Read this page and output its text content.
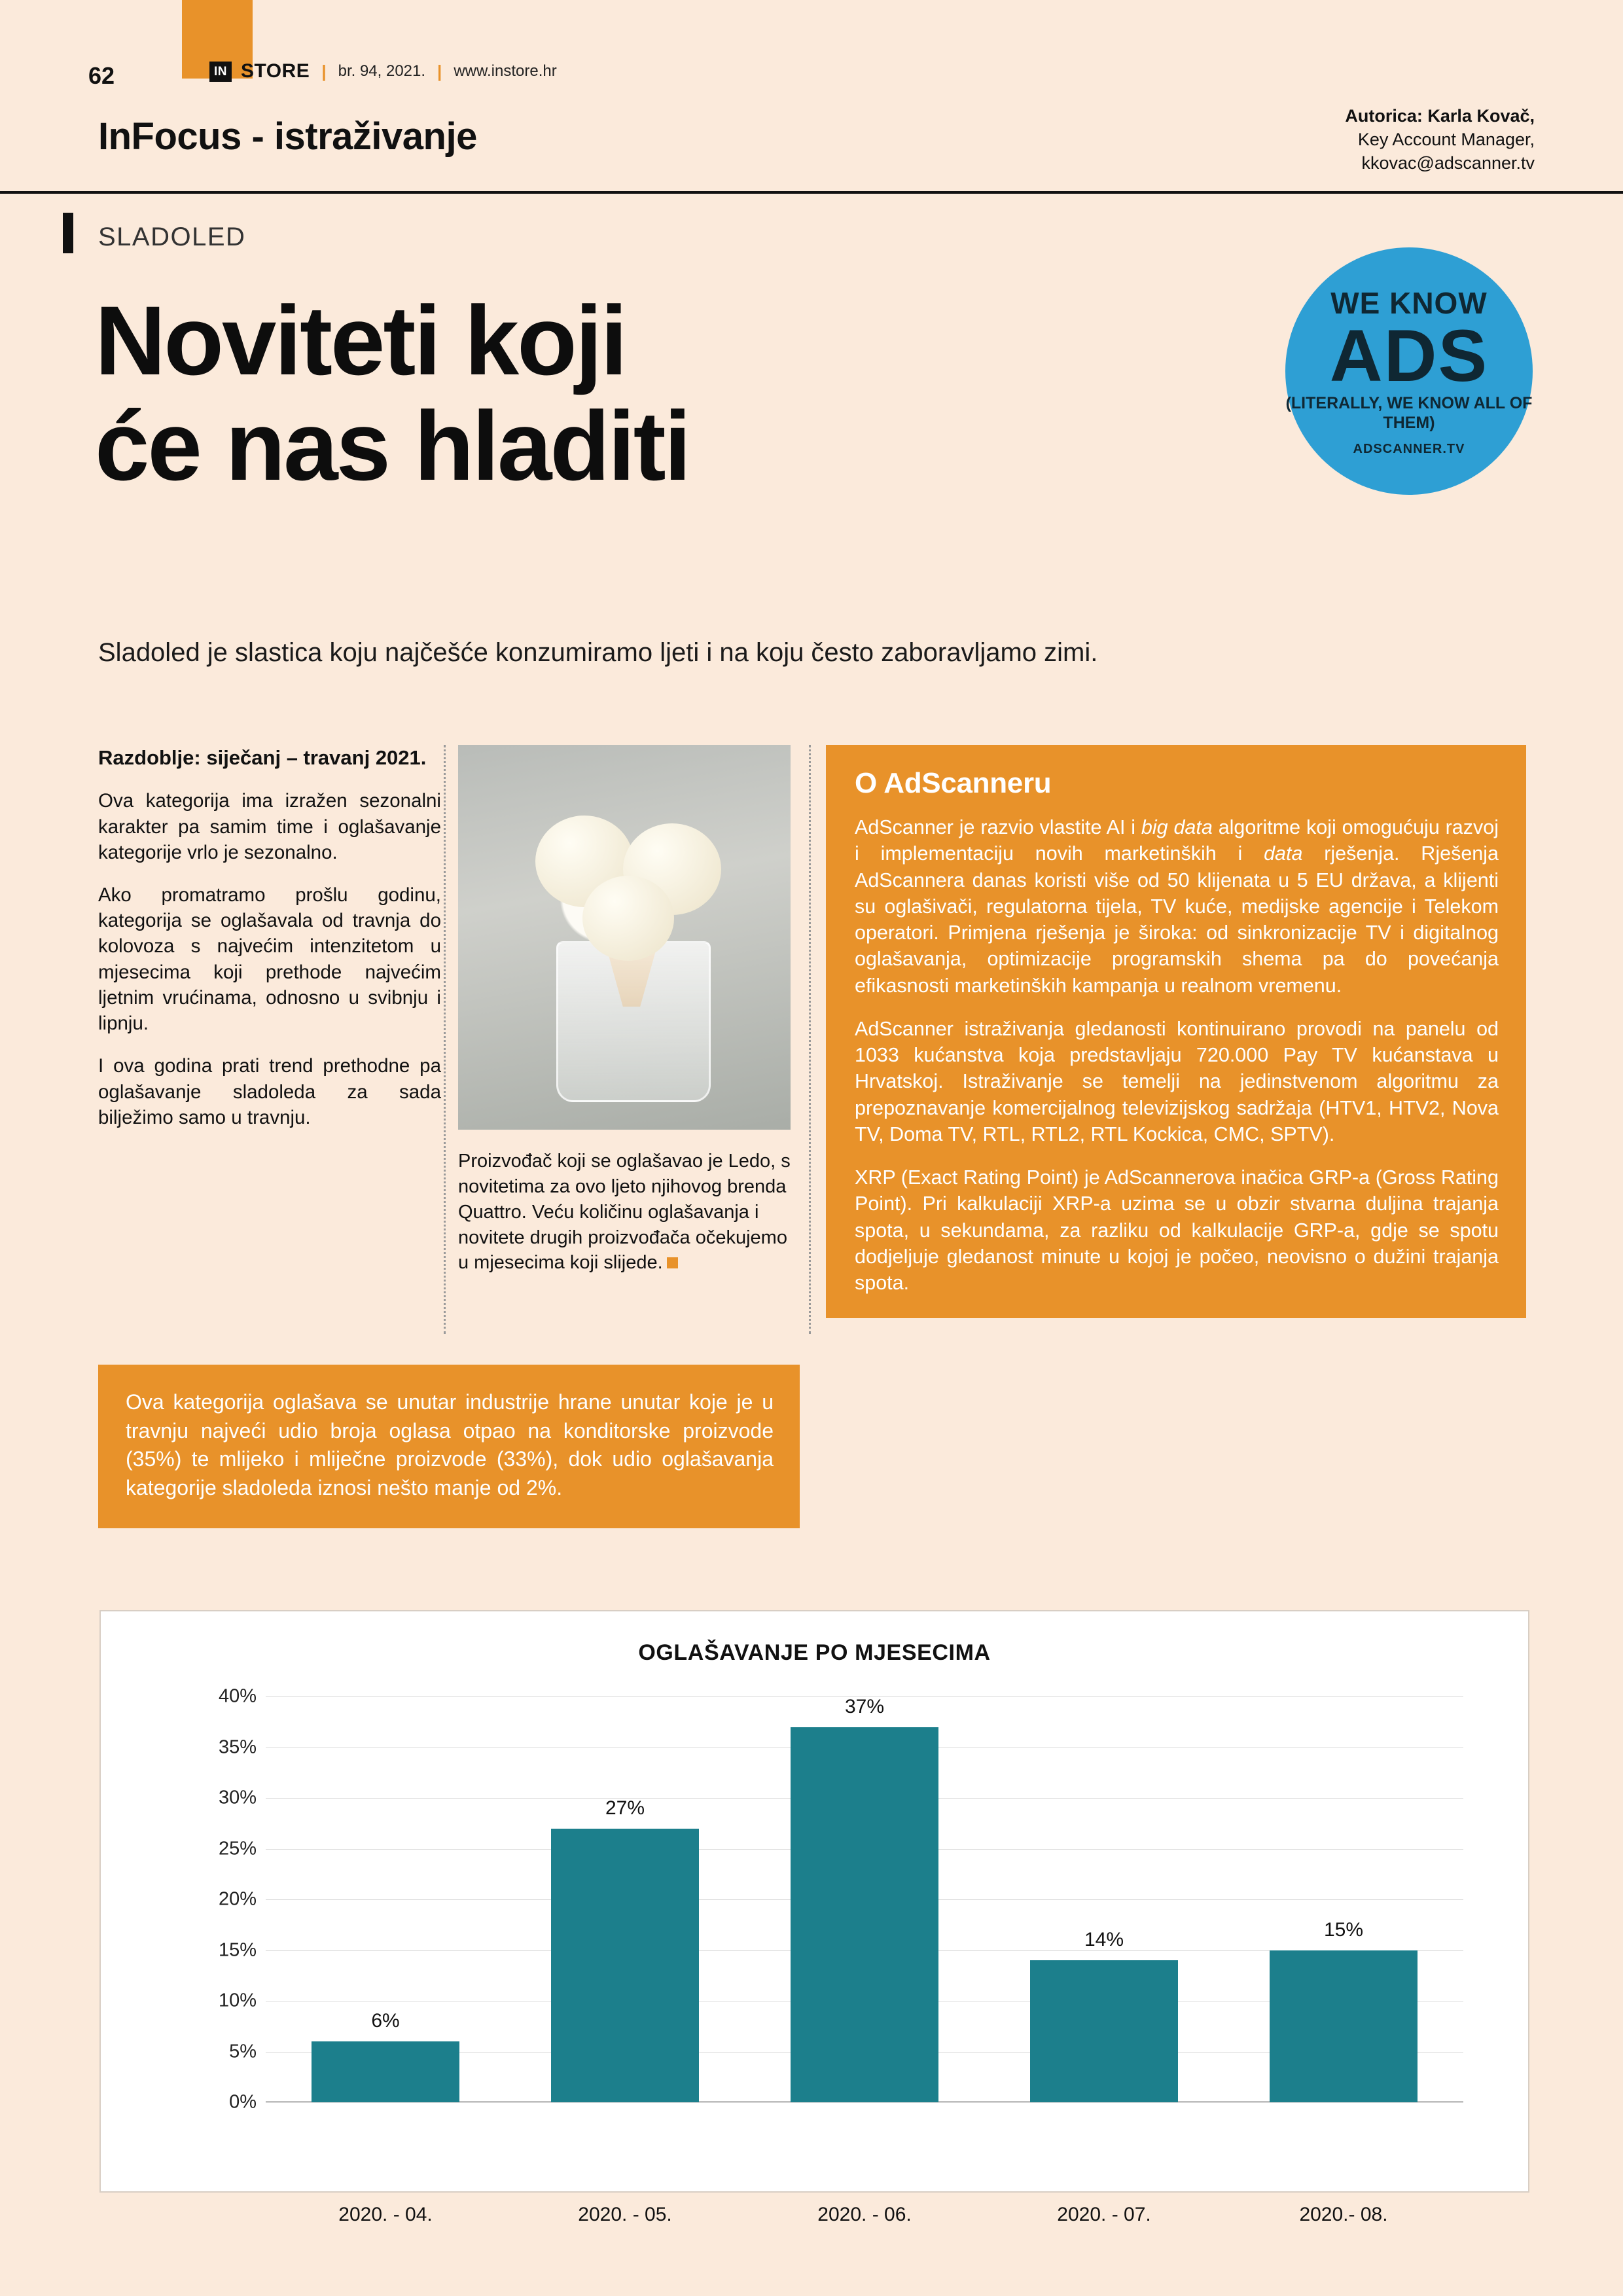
62	IN STORE | br. 94, 2021. | www.instore.hr
InFocus - istraživanje	Autorica: Karla Kovač,
Key Account Manager,
kkovac@adscanner.tv
SLADOLED
Noviteti koji
će nas hladiti
Sladoled je slastica koju najčešće konzumiramo ljeti i na koju često zaboravljamo zimi.
WE KNOW
ADS
(LITERALLY, WE KNOW ALL OF THEM)
ADSCANNER.TV
Razdoblje: siječanj – travanj 2021.

Ova kategorija ima izražen sezonalni karakter pa samim time i oglašavanje kategorije vrlo je sezonalno.

Ako promatramo prošlu godinu, kategorija se oglašavala od travnja do kolovoza s najvećim intenzitetom u mjesecima koji prethode najvećim ljetnim vrućinama, odnosno u svibnju i lipnju.

I ova godina prati trend prethodne pa oglašavanje sladoleda za sada bilježimo samo u travnju.

Proizvođač koji se oglašavao je Ledo, s novitetima za ovo ljeto njihovog brenda Quattro. Veću količinu oglašavanja i novitete drugih proizvođača očekujemo u mjesecima koji slijede.
O AdScanneru

AdScanner je razvio vlastite AI i big data algoritme koji omogućuju razvoj i implementaciju novih marketinških i data rješenja. Rješenja AdScannera danas koristi više od 50 klijenata u 5 EU država, a klijenti su oglašivači, regulatorna tijela, TV kuće, medijske agencije i Telekom operatori. Primjena rješenja je široka: od sinkronizacije TV i digitalnog oglašavanja, optimizacije programskih shema pa do povećanja efikasnosti marketinških kampanja u realnom vremenu.

AdScanner istraživanja gledanosti kontinuirano provodi na panelu od 1033 kućanstva koja predstavljaju 720.000 Pay TV kućanstava u Hrvatskoj. Istraživanje se temelji na jedinstvenom algoritmu za prepoznavanje komercijalnog televizijskog sadržaja (HTV1, HTV2, Nova TV, Doma TV, RTL, RTL2, RTL Kockica, CMC, SPTV).

XRP (Exact Rating Point) je AdScannerova inačica GRP-a (Gross Rating Point). Pri kalkulaciji XRP-a uzima se u obzir stvarna duljina trajanja spota, u sekundama, za razliku od kalkulacije GRP-a, gdje se spotu dodjeljuje gledanost minute u kojoj je počeo, neovisno o dužini trajanja spota.

Ova kategorija oglašava se unutar industrije hrane unutar koje je u travnju najveći udio broja oglasa otpao na konditorske proizvode (35%) te mlijeko i mliječne proizvode (33%), dok udio oglašavanja kategorije sladoleda iznosi nešto manje od 2%.
OGLAŠAVANJE PO MJESECIMA
0%
5%
10%
15%
20%
25%
30%
35%
40%
6%
2020. - 04.
27%
2020. - 05.
37%
2020. - 06.
14%
2020. - 07.
15%
2020.- 08.
